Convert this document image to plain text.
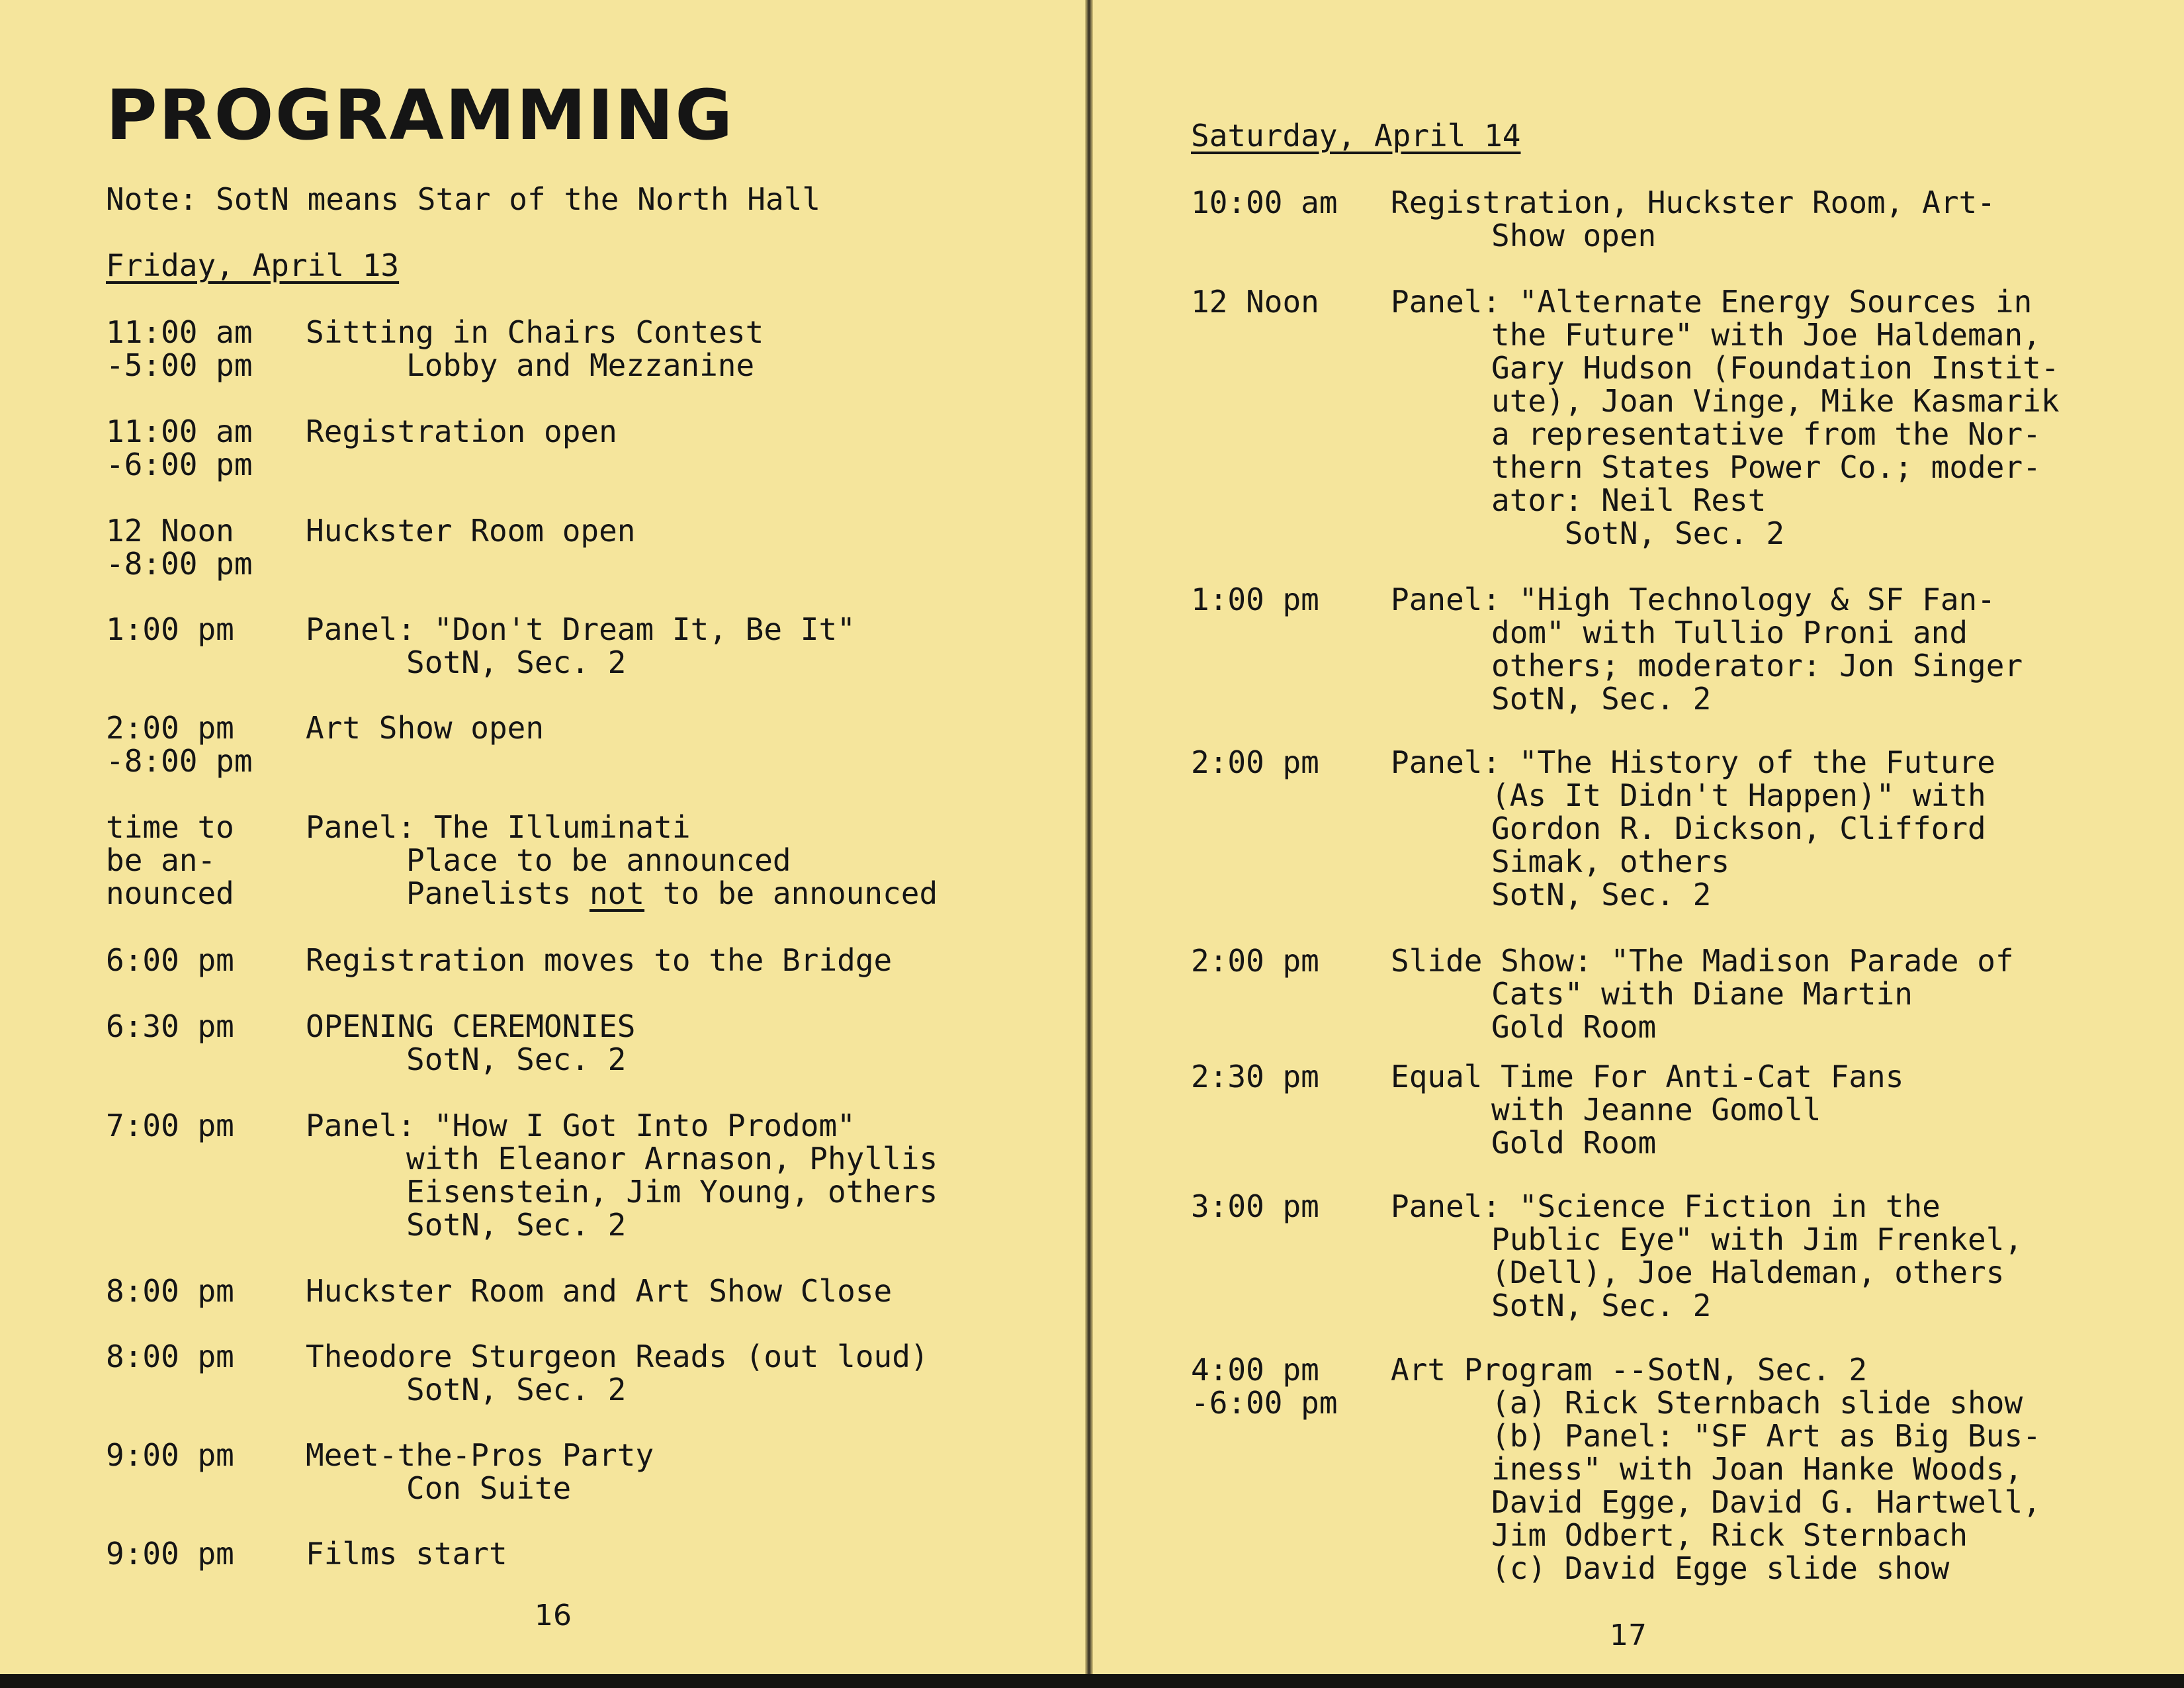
PROGRAMMING
Note: SotN means Star of the North Hall
Friday, April 13
11:00 am
-5:00 pm
Sitting in Chairs Contest
Lobby and Mezzanine
11:00 am
-6:00 pm
Registration open
12 Noon
-8:00 pm
Huckster Room open
1:00 pm Panel: "Don't Dream It, Be It"
SotN, Sec. 2
2:00 pm
-8:00 pm
Art Show open
time to
be an-
nounced
Panel: The Illuminati
Place to be announced
Panelists not to be announced
6:00 pm Registration moves to the Bridge
6:30 pm OPENING CEREMONIES
SotN, Sec. 2
7:00 pm Panel: "How I Got Into Prodom"
with Eleanor Arnason, Phyllis
Eisenstein, Jim Young, others
SotN, Sec. 2
8:00 pm Huckster Room and Art Show Close
8:00 pm Theodore Sturgeon Reads (out loud)
SotN, Sec. 2
9:00 pm Meet-the-Pros Party
Con Suite
9:00 pm Films start
16
Saturday, April 14
10:00 am Registration, Huckster Room, Art-
Show open
12 Noon Panel: "Alternate Energy Sources in
the Future" with Joe Haldeman,
Gary Hudson (Foundation Instit-
ute), Joan Vinge, Mike Kasmarik
a representative from the Nor-
thern States Power Co.; moder-
ator: Neil Rest
SotN, Sec. 2
1:00 pm Panel: "High Technology & SF Fan-
dom" with Tullio Proni and
others; moderator: Jon Singer
SotN, Sec. 2
2:00 pm Panel: "The History of the Future
(As It Didn't Happen)" with
Gordon R. Dickson, Clifford
Simak, others
SotN, Sec. 2
2:00 pm Slide Show: "The Madison Parade of
Cats" with Diane Martin
Gold Room
2:30 pm Equal Time For Anti-Cat Fans
with Jeanne Gomoll
Gold Room
3:00 pm Panel: "Science Fiction in the
Public Eye" with Jim Frenkel,
(Dell), Joe Haldeman, others
SotN, Sec. 2
4:00 pm
-6:00 pm
Art Program --SotN, Sec. 2
(a) Rick Sternbach slide show
(b) Panel: "SF Art as Big Bus-
iness" with Joan Hanke Woods,
David Egge, David G. Hartwell,
Jim Odbert, Rick Sternbach
(c) David Egge slide show
17
